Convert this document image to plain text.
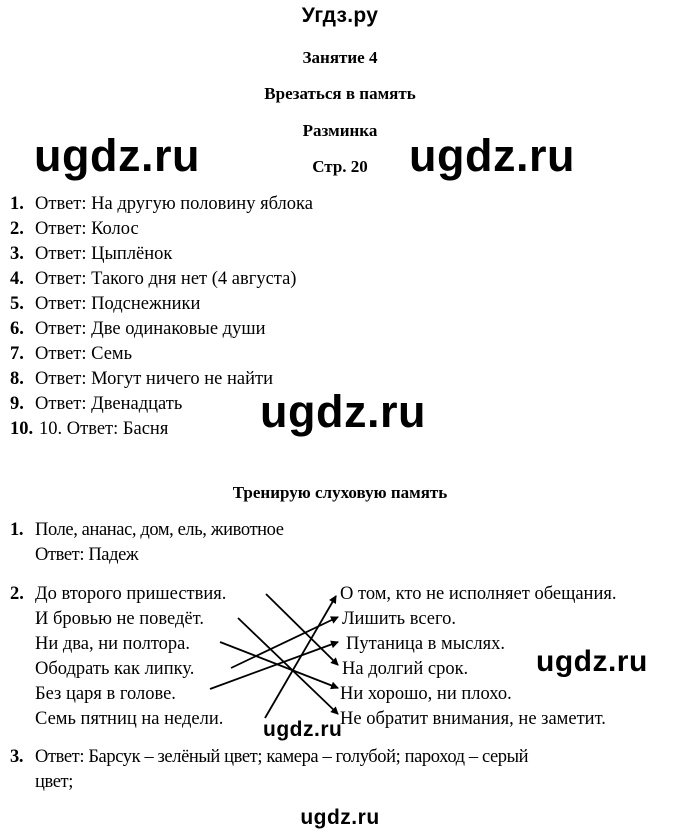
Угдз.ру
Занятие 4
Врезаться в память
Разминка
Стр. 20
ugdz.ru	ugdz.ru
1. Ответ: На другую половину яблока
2. Ответ: Колос
3. Ответ: Цыплёнок
4. Ответ: Такого дня нет (4 августа)
5. Ответ: Подснежники
6. Ответ: Две одинаковые души
7. Ответ: Семь
8. Ответ: Могут ничего не найти
9. Ответ: Двенадцать
10. 10. Ответ: Басня ugdz.ru
Тренирую слуховую память
1. Поле, ананас, дом, ель, животное
Ответ: Падеж
2. До второго пришествия.
И бровью не поведёт.
Ни два, ни полтора.
Ободрать как липку.
Без царя в голове.
Семь пятниц на недели.
О том, кто не исполняет обещания.
Лишить всего.
Путаница в мыслях.
На долгий срок.
Ни хорошо, ни плохо.
Не обратит внимания, не заметит.
ugdz.ru
ugdz.ru
3. Ответ: Барсук – зелёный цвет; камера – голубой; пароход – серый
цвет;
ugdz.ru
